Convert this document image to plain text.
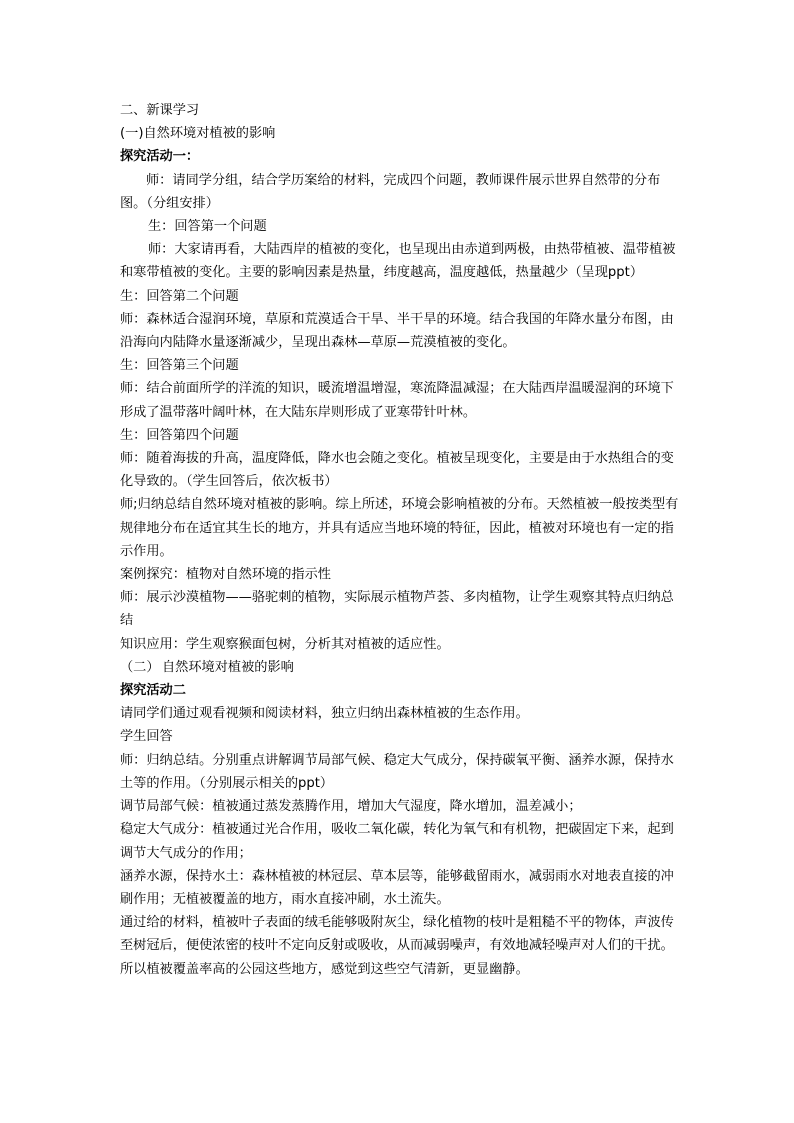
二、新课学习

(一)自然环境对植被的影响

探究活动一：

师：请同学分组，结合学历案给的材料，完成四个问题，教师课件展示世界自然带的分布图。（分组安排）

生：回答第一个问题

师：大家请再看，大陆西岸的植被的变化，也呈现出由赤道到两极，由热带植被、温带植被和寒带植被的变化。主要的影响因素是热量，纬度越高，温度越低，热量越少（呈现ppt）

生：回答第二个问题

师：森林适合湿润环境，草原和荒漠适合干旱、半干旱的环境。结合我国的年降水量分布图，由沿海向内陆降水量逐渐减少，呈现出森林—草原—荒漠植被的变化。

生：回答第三个问题

师：结合前面所学的洋流的知识，暖流增温增湿，寒流降温减湿；在大陆西岸温暖湿润的环境下形成了温带落叶阔叶林，在大陆东岸则形成了亚寒带针叶林。

生：回答第四个问题

师：随着海拔的升高，温度降低，降水也会随之变化。植被呈现变化，主要是由于水热组合的变化导致的。（学生回答后，依次板书）

师;归纳总结自然环境对植被的影响。综上所述，环境会影响植被的分布。天然植被一般按类型有规律地分布在适宜其生长的地方，并具有适应当地环境的特征，因此，植被对环境也有一定的指示作用。

案例探究：植物对自然环境的指示性

师：展示沙漠植物——骆驼刺的植物，实际展示植物芦荟、多肉植物，让学生观察其特点归纳总结

知识应用：学生观察猴面包树，分析其对植被的适应性。

（二） 自然环境对植被的影响

探究活动二

请同学们通过观看视频和阅读材料，独立归纳出森林植被的生态作用。

学生回答

师：归纳总结。分别重点讲解调节局部气候、稳定大气成分，保持碳氧平衡、涵养水源，保持水土等的作用。（分别展示相关的ppt）

调节局部气候：植被通过蒸发蒸腾作用，增加大气湿度，降水增加，温差减小；

稳定大气成分：植被通过光合作用，吸收二氧化碳，转化为氧气和有机物，把碳固定下来，起到调节大气成分的作用；

涵养水源，保持水土：森林植被的林冠层、草本层等，能够截留雨水，减弱雨水对地表直接的冲刷作用；无植被覆盖的地方，雨水直接冲刷，水土流失。

通过给的材料，植被叶子表面的绒毛能够吸附灰尘，绿化植物的枝叶是粗糙不平的物体，声波传至树冠后，便使浓密的枝叶不定向反射或吸收，从而减弱噪声，有效地减轻噪声对人们的干扰。所以植被覆盖率高的公园这些地方，感觉到这些空气清新，更显幽静。
